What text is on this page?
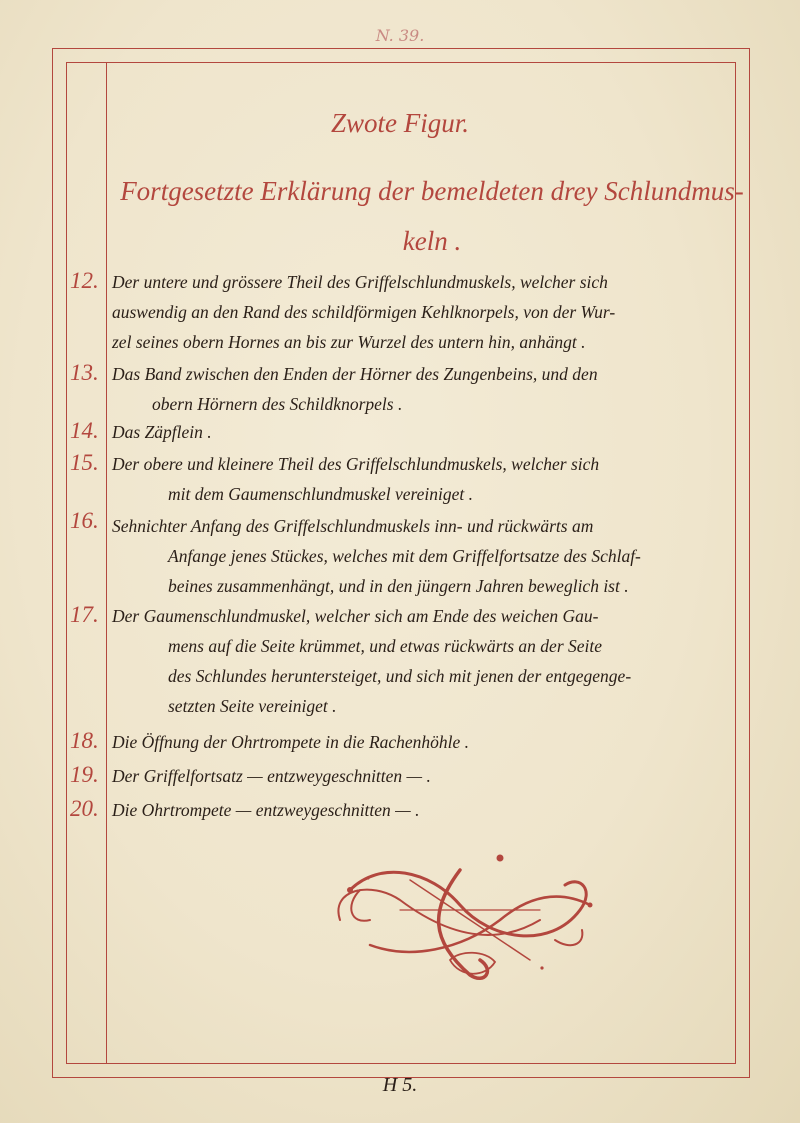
N. 39.
Zwote Figur.
Fortgesetzte Erklärung der bemeldeten drey Schlundmus-
keln .
12. Der untere und grössere Theil des Griffelschlundmuskels, welcher sich
auswendig an den Rand des schildförmigen Kehlknorpels, von der Wur-
zel seines obern Hornes an bis zur Wurzel des untern hin, anhängt .
13. Das Band zwischen den Enden der Hörner des Zungenbeins, und den
obern Hörnern des Schildknorpels .
14. Das Zäpflein .
15. Der obere und kleinere Theil des Griffelschlundmuskels, welcher sich
mit dem Gaumenschlundmuskel vereiniget .
16. Sehnichter Anfang des Griffelschlundmuskels inn- und rückwärts am
Anfange jenes Stückes, welches mit dem Griffelfortsatze des Schlaf-
beines zusammenhängt, und in den jüngern Jahren beweglich ist .
17. Der Gaumenschlundmuskel, welcher sich am Ende des weichen Gau-
mens auf die Seite krümmet, und etwas rückwärts an der Seite
des Schlundes heruntersteiget, und sich mit jenen der entgegenge-
setzten Seite vereiniget .
18. Die Öffnung der Ohrtrompete in die Rachenhöhle .
19. Der Griffelfortsatz — entzweygeschnitten — .
20. Die Ohrtrompete — entzweygeschnitten — .
H 5.
